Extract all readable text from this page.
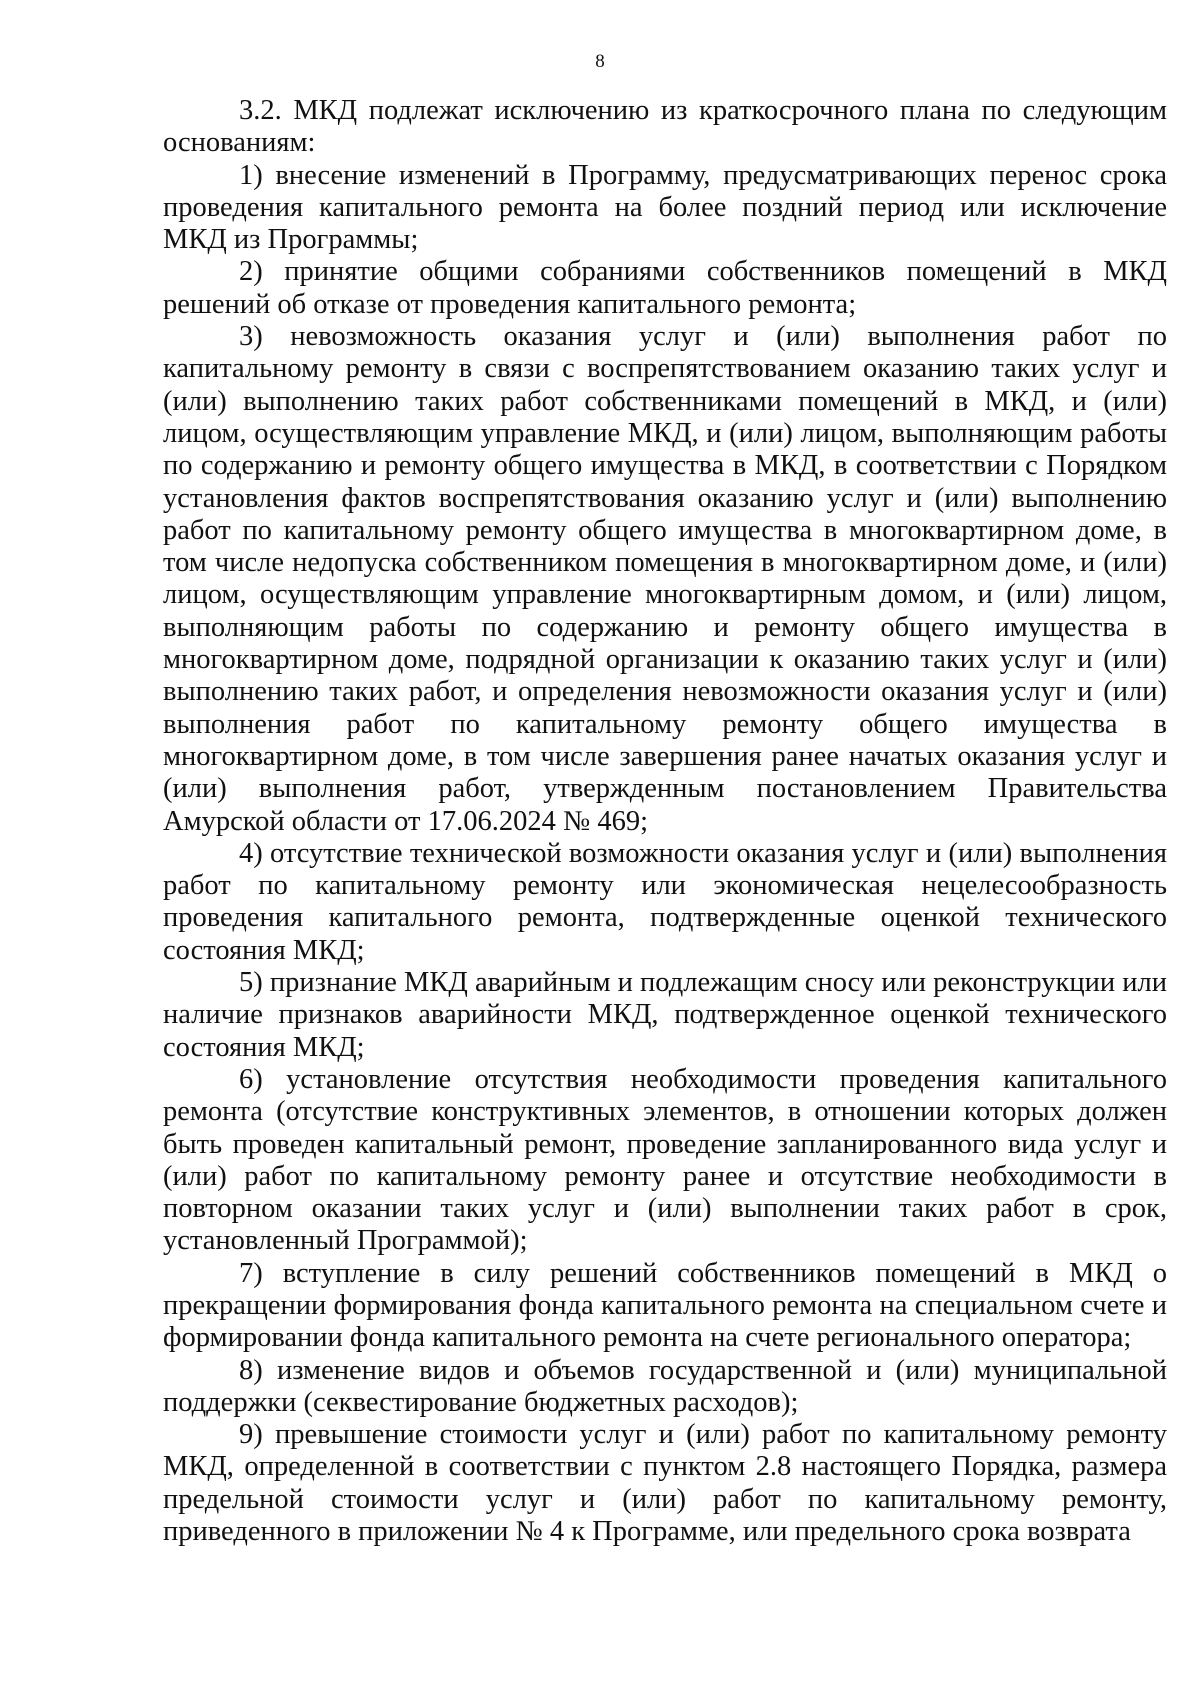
8

3.2. МКД подлежат исключению из краткосрочного плана по следующим основаниям:

1) внесение изменений в Программу, предусматривающих перенос срока проведения капитального ремонта на более поздний период или исключение МКД из Программы;

2) принятие общими собраниями собственников помещений в МКД решений об отказе от проведения капитального ремонта;

3) невозможность оказания услуг и (или) выполнения работ по капитальному ремонту в связи с воспрепятствованием оказанию таких услуг и (или) выполнению таких работ собственниками помещений в МКД, и (или) лицом, осуществляющим управление МКД, и (или) лицом, выполняющим работы по содержанию и ремонту общего имущества в МКД, в соответствии с Порядком установления фактов воспрепятствования оказанию услуг и (или) выполнению работ по капитальному ремонту общего имущества в многоквартирном доме, в том числе недопуска собственником помещения в многоквартирном доме, и (или) лицом, осуществляющим управление многоквартирным домом, и (или) лицом, выполняющим работы по содержанию и ремонту общего имущества в многоквартирном доме, подрядной организации к оказанию таких услуг и (или) выполнению таких работ, и определения невозможности оказания услуг и (или) выполнения работ по капитальному ремонту общего имущества в многоквартирном доме, в том числе завершения ранее начатых оказания услуг и (или) выполнения работ, утвержденным постановлением Правительства Амурской области от 17.06.2024 № 469;

4) отсутствие технической возможности оказания услуг и (или) выполнения работ по капитальному ремонту или экономическая нецелесообразность проведения капитального ремонта, подтвержденные оценкой технического состояния МКД;

5) признание МКД аварийным и подлежащим сносу или реконструкции или наличие признаков аварийности МКД, подтвержденное оценкой технического состояния МКД;

6) установление отсутствия необходимости проведения капитального ремонта (отсутствие конструктивных элементов, в отношении которых должен быть проведен капитальный ремонт, проведение запланированного вида услуг и (или) работ по капитальному ремонту ранее и отсутствие необходимости в повторном оказании таких услуг и (или) выполнении таких работ в срок, установленный Программой);

7) вступление в силу решений собственников помещений в МКД о прекращении формирования фонда капитального ремонта на специальном счете и формировании фонда капитального ремонта на счете регионального оператора;

8) изменение видов и объемов государственной и (или) муниципальной поддержки (секвестирование бюджетных расходов);

9) превышение стоимости услуг и (или) работ по капитальному ремонту МКД, определенной в соответствии с пунктом 2.8 настоящего Порядка, размера предельной стоимости услуг и (или) работ по капитальному ремонту, приведенного в приложении № 4 к Программе, или предельного срока возврата
